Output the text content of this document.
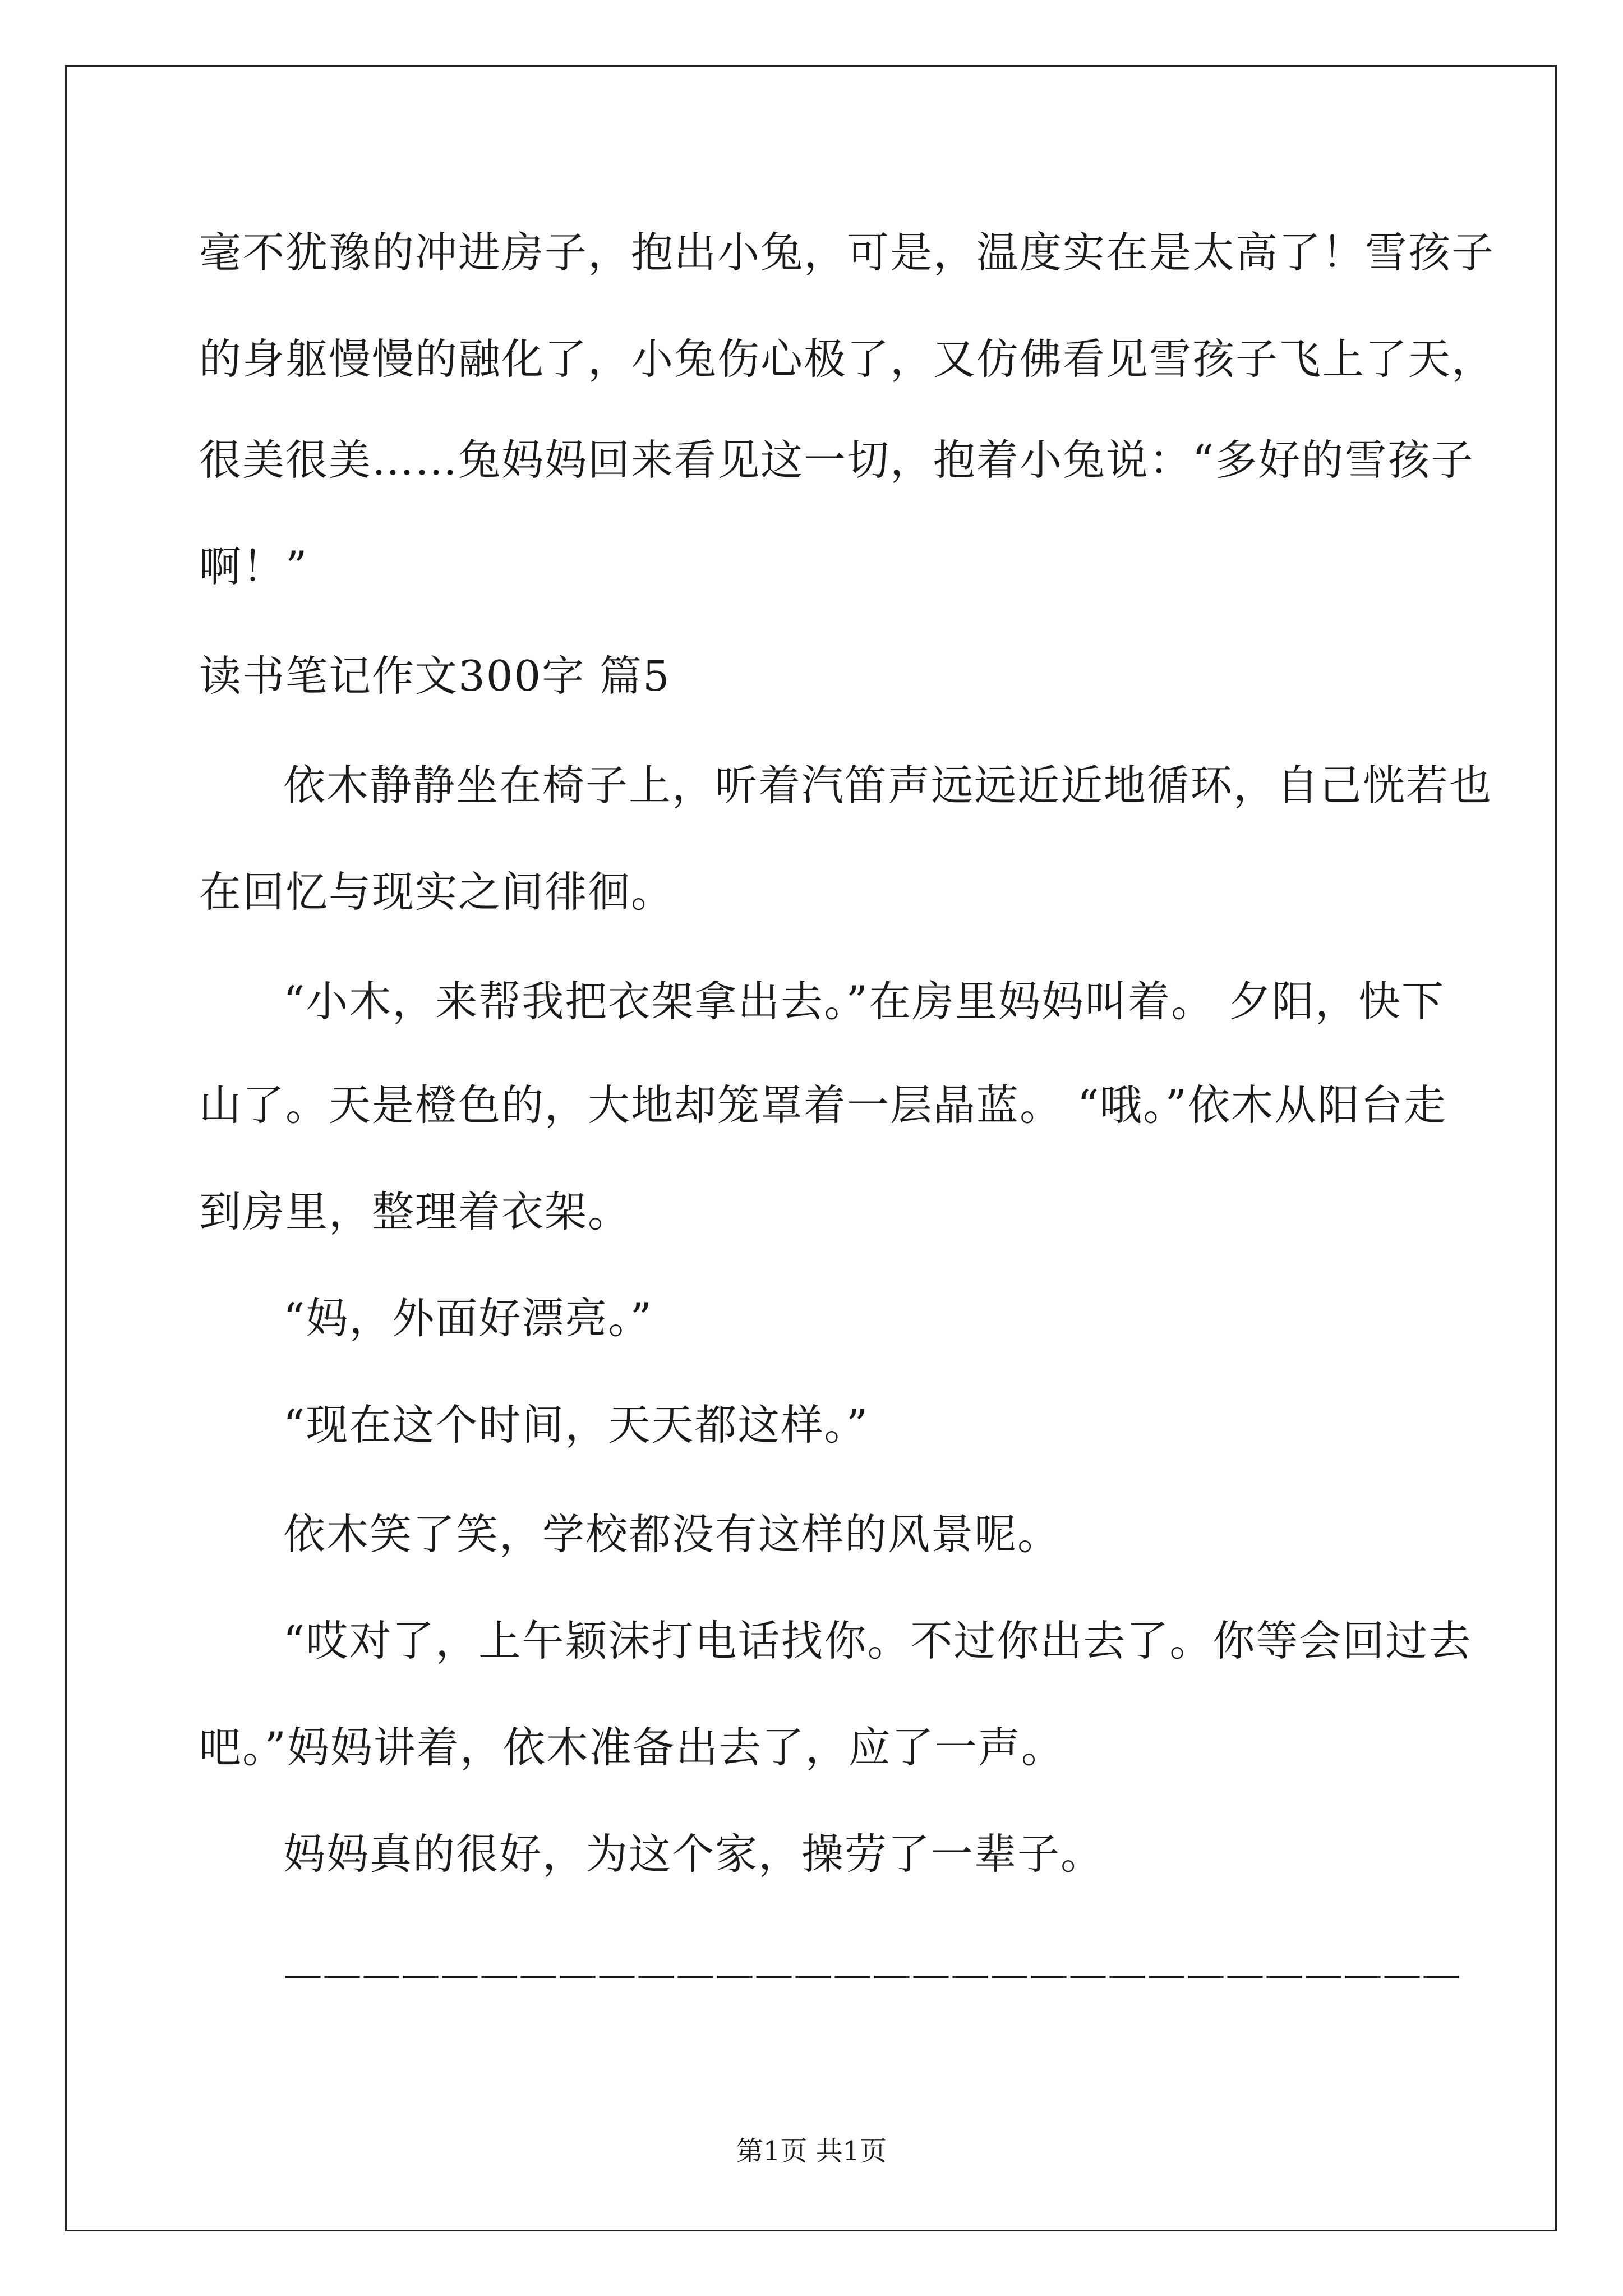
毫不犹豫的冲进房子，抱出小兔，可是，温度实在是太高了！雪孩子
的身躯慢慢的融化了，小兔伤心极了，又仿佛看见雪孩子飞上了天，
很美很美……兔妈妈回来看见这一切，抱着小兔说：“多好的雪孩子
啊！”
读书笔记作文300字 篇5
依木静静坐在椅子上，听着汽笛声远远近近地循环，自己恍若也
在回忆与现实之间徘徊。
“小木，来帮我把衣架拿出去。”在房里妈妈叫着。 夕阳，快下
山了。天是橙色的，大地却笼罩着一层晶蓝。 “哦。”依木从阳台走
到房里，整理着衣架。
“妈，外面好漂亮。”
“现在这个时间，天天都这样。”
依木笑了笑，学校都没有这样的风景呢。
“哎对了，上午颖沫打电话找你。不过你出去了。你等会回过去
吧。”妈妈讲着，依木准备出去了，应了一声。
妈妈真的很好，为这个家，操劳了一辈子。
——————————————————————————————
第1页 共1页
